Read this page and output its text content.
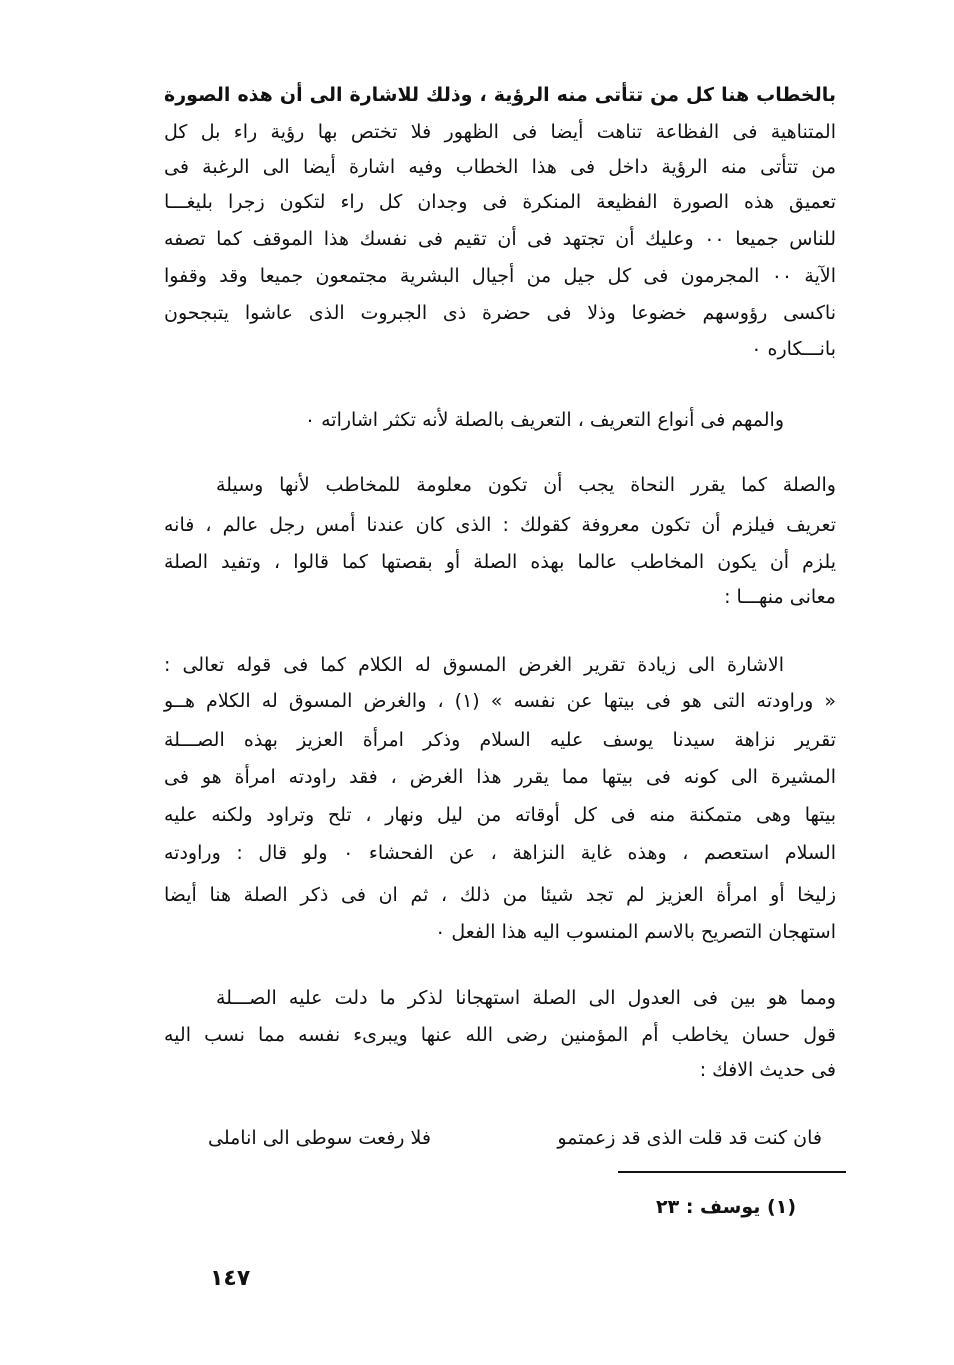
بالخطاب هنا كل من تتأتى منه الرؤية ، وذلك للاشارة الى أن هذه الصورة

المتناهية فى الفظاعة تناهت أيضا فى الظهور فلا تختص بها رؤية راء بل كل

من تتأتى منه الرؤية داخل فى هذا الخطاب وفيه اشارة أيضا الى الرغبة فى

تعميق هذه الصورة الفظيعة المنكرة فى وجدان كل راء لتكون زجرا بليغـــا

للناس جميعا ٠٠ وعليك أن تجتهد فى أن تقيم فى نفسك هذا الموقف كما تصفه

الآية ٠٠ المجرمون فى كل جيل من أجيال البشرية مجتمعون جميعا وقد وقفوا

ناكسى رؤوسهم خضوعا وذلا فى حضرة ذى الجبروت الذى عاشوا يتبجحون

بانـــكاره ٠

والمهم فى أنواع التعريف ، التعريف بالصلة لأنه تكثر اشاراته ٠

والصلة كما يقرر النحاة يجب أن تكون معلومة للمخاطب لأنها وسيلة

تعريف فيلزم أن تكون معروفة كقولك : الذى كان عندنا أمس رجل عالم ، فانه

يلزم أن يكون المخاطب عالما بهذه الصلة أو بقصتها كما قالوا ، وتفيد الصلة

معانى منهـــا :

الاشارة الى زيادة تقرير الغرض المسوق له الكلام كما فى قوله تعالى :

« وراودته التى هو فى بيتها عن نفسه » (١) ، والغرض المسوق له الكلام هــو

تقرير نزاهة سيدنا يوسف عليه السلام وذكر امرأة العزيز بهذه الصـــلة

المشيرة الى كونه فى بيتها مما يقرر هذا الغرض ، فقد راودته امرأة هو فى

بيتها وهى متمكنة منه فى كل أوقاته من ليل ونهار ، تلح وتراود ولكنه عليه

السلام استعصم ، وهذه غاية النزاهة ، عن الفحشاء ٠ ولو قال : وراودته

زليخا أو امرأة العزيز لم تجد شيئا من ذلك ، ثم ان فى ذكر الصلة هنا أيضا

استهجان التصريح بالاسم المنسوب اليه هذا الفعل ٠

ومما هو بين فى العدول الى الصلة استهجانا لذكر ما دلت عليه الصـــلة

قول حسان يخاطب أم المؤمنين رضى الله عنها ويبرىء نفسه مما نسب اليه

فى حديث الافك :

فان كنت قد قلت الذى قد زعمتمو
فلا رفعت سوطى الى اناملى
(١) يوسف : ٢٣
١٤٧
